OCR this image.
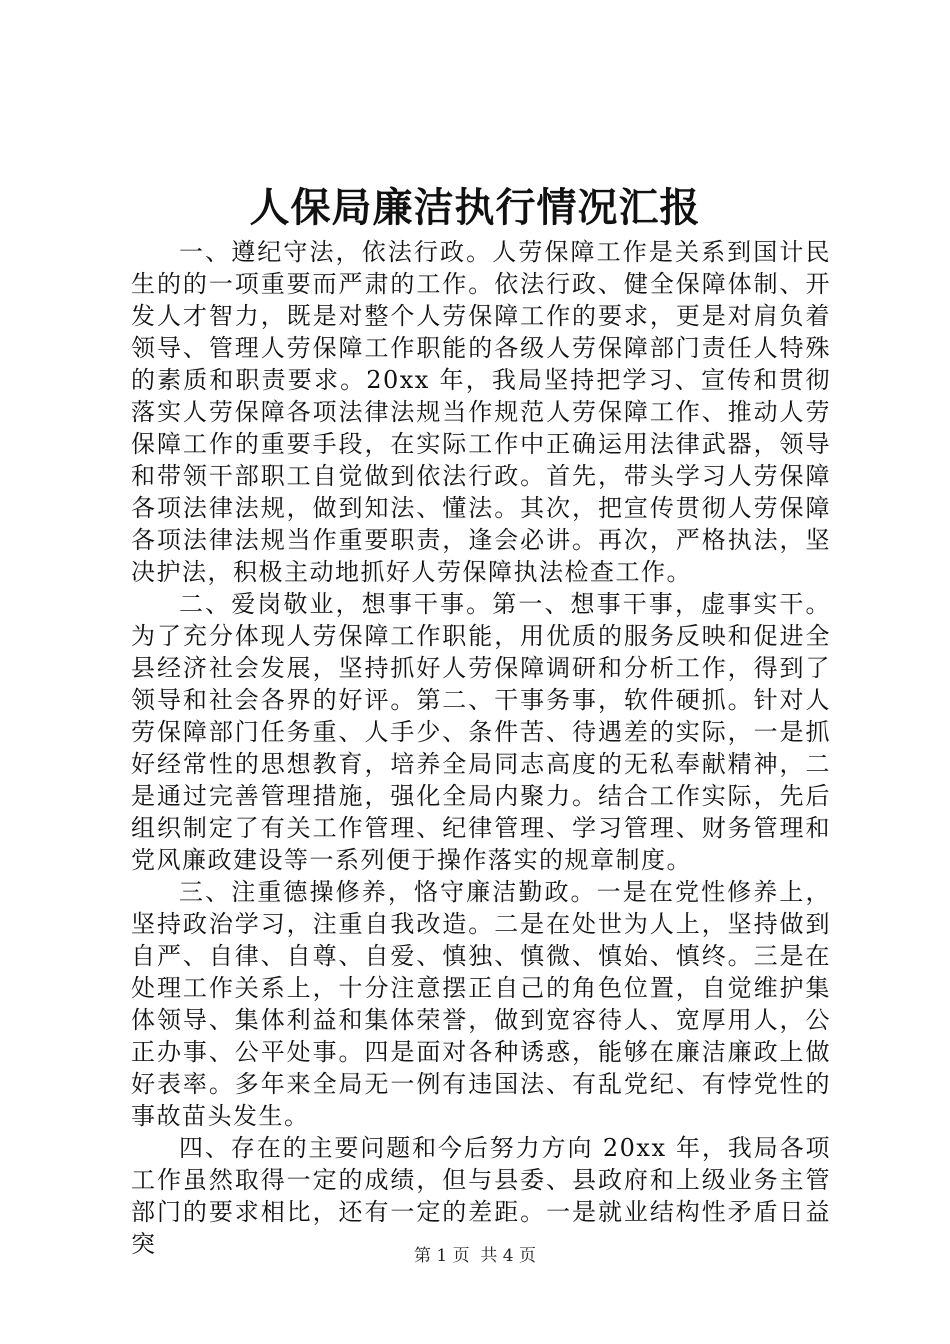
人保局廉洁执行情况汇报

一、遵纪守法，依法行政。人劳保障工作是关系到国计民生的的一项重要而严肃的工作。依法行政、健全保障体制、开发人才智力，既是对整个人劳保障工作的要求，更是对肩负着领导、管理人劳保障工作职能的各级人劳保障部门责任人特殊的素质和职责要求。20xx 年，我局坚持把学习、宣传和贯彻落实人劳保障各项法律法规当作规范人劳保障工作、推动人劳保障工作的重要手段，在实际工作中正确运用法律武器，领导和带领干部职工自觉做到依法行政。首先，带头学习人劳保障各项法律法规，做到知法、懂法。其次，把宣传贯彻人劳保障各项法律法规当作重要职责，逢会必讲。再次，严格执法，坚决护法，积极主动地抓好人劳保障执法检查工作。

二、爱岗敬业，想事干事。第一、想事干事，虚事实干。为了充分体现人劳保障工作职能，用优质的服务反映和促进全县经济社会发展，坚持抓好人劳保障调研和分析工作，得到了领导和社会各界的好评。第二、干事务事，软件硬抓。针对人劳保障部门任务重、人手少、条件苦、待遇差的实际，一是抓好经常性的思想教育，培养全局同志高度的无私奉献精神，二是通过完善管理措施，强化全局内聚力。结合工作实际，先后组织制定了有关工作管理、纪律管理、学习管理、财务管理和党风廉政建设等一系列便于操作落实的规章制度。

三、注重德操修养，恪守廉洁勤政。一是在党性修养上，坚持政治学习，注重自我改造。二是在处世为人上，坚持做到自严、自律、自尊、自爱、慎独、慎微、慎始、慎终。三是在处理工作关系上，十分注意摆正自己的角色位置，自觉维护集体领导、集体利益和集体荣誉，做到宽容待人、宽厚用人，公正办事、公平处事。四是面对各种诱惑，能够在廉洁廉政上做好表率。多年来全局无一例有违国法、有乱党纪、有悖党性的事故苗头发生。

四、存在的主要问题和今后努力方向 20xx 年，我局各项工作虽然取得一定的成绩，但与县委、县政府和上级业务主管部门的要求相比，还有一定的差距。一是就业结构性矛盾日益突	第 1 页 共 4 页
